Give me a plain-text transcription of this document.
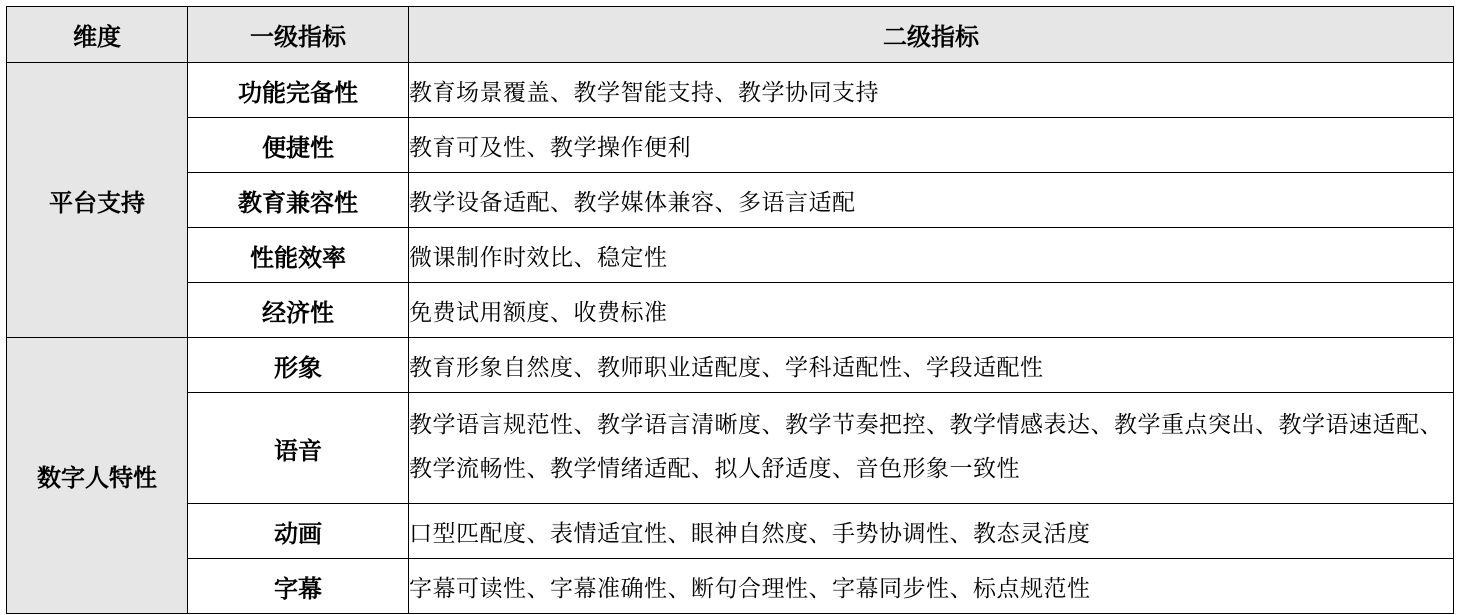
维度	一级指标	二级指标
平台支持	功能完备性	教育场景覆盖、教学智能支持、教学协同支持
	便捷性	教育可及性、教学操作便利
	教育兼容性	教学设备适配、教学媒体兼容、多语言适配
	性能效率	微课制作时效比、稳定性
	经济性	免费试用额度、收费标准
数字人特性	形象	教育形象自然度、教师职业适配度、学科适配性、学段适配性
	语音	教学语言规范性、教学语言清晰度、教学节奏把控、教学情感表达、教学重点突出、教学语速适配、教学流畅性、教学情绪适配、拟人舒适度、音色形象一致性
	动画	口型匹配度、表情适宜性、眼神自然度、手势协调性、教态灵活度
	字幕	字幕可读性、字幕准确性、断句合理性、字幕同步性、标点规范性
